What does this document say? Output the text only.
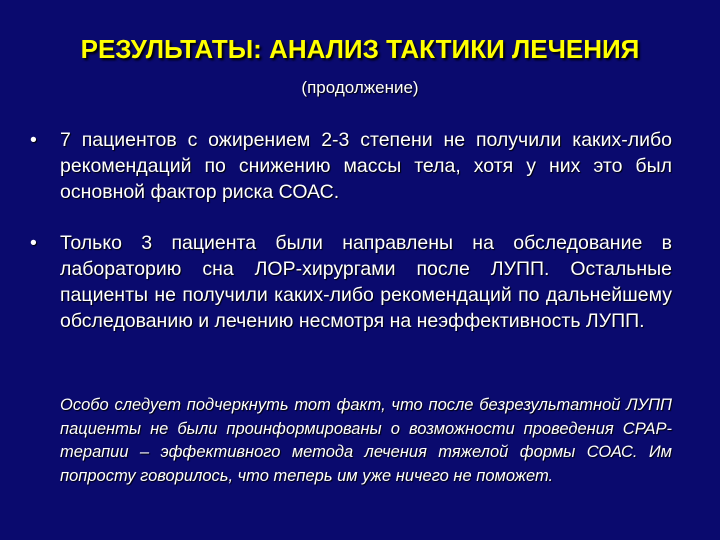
РЕЗУЛЬТАТЫ: АНАЛИЗ ТАКТИКИ ЛЕЧЕНИЯ
(продолжение)
• 7 пациентов с ожирением 2-3 степени не получили каких-либо рекомендаций по снижению массы тела, хотя у них это был основной фактор риска СОАС.
• Только 3 пациента были направлены на обследование в лабораторию сна ЛОР-хирургами после ЛУПП. Остальные пациенты не получили каких-либо рекомендаций по дальнейшему обследованию и лечению несмотря на неэффективность ЛУПП.
Особо следует подчеркнуть тот факт, что после безрезультатной ЛУПП пациенты не были проинформированы о возможности проведения CPAP-терапии – эффективного метода лечения тяжелой формы СОАС. Им попросту говорилось, что теперь им уже ничего не поможет.
